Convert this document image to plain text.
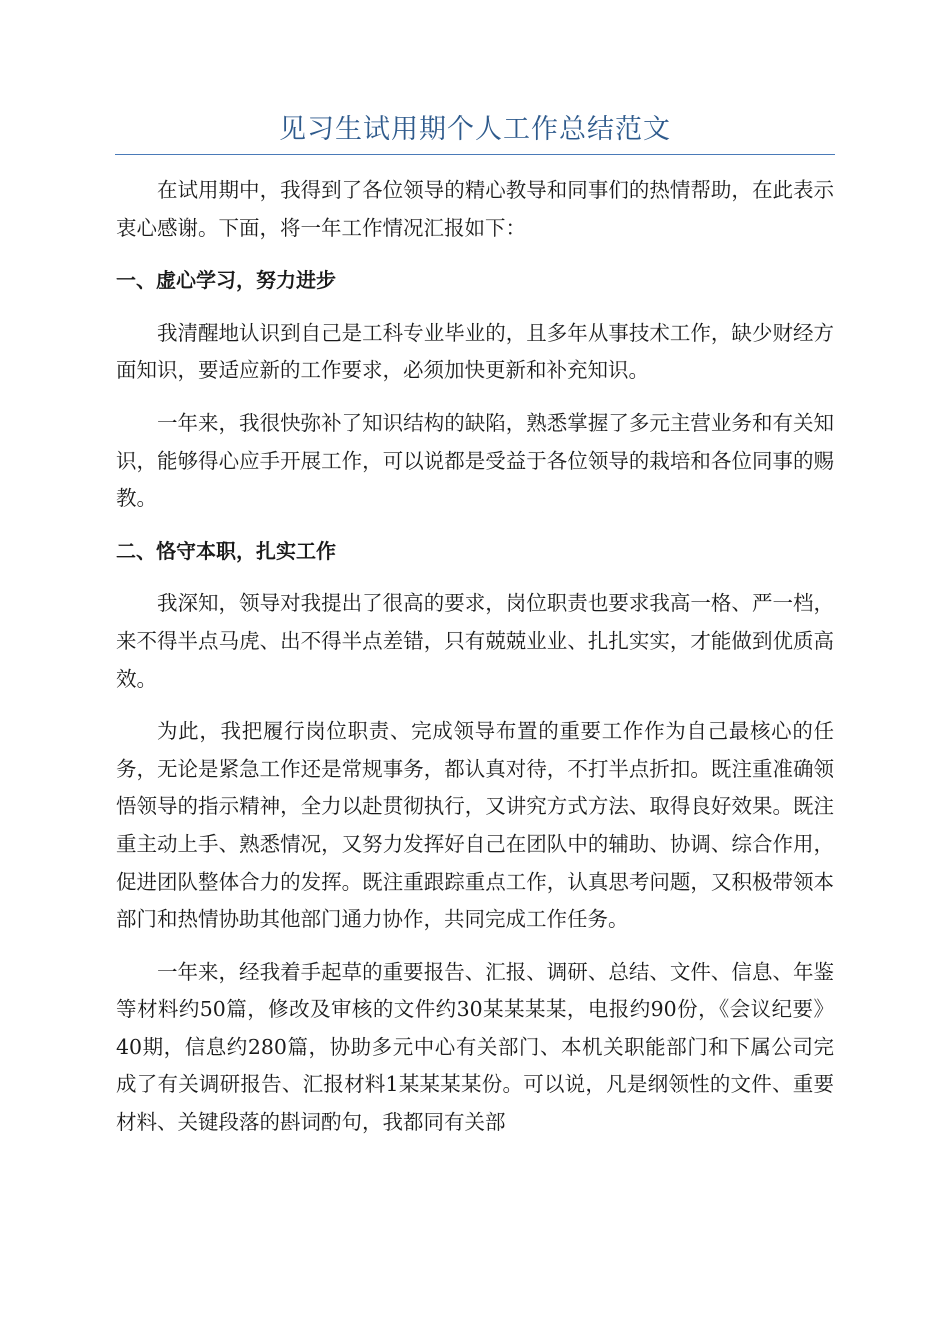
见习生试用期个人工作总结范文

在试用期中，我得到了各位领导的精心教导和同事们的热情帮助，在此表示衷心感谢。下面，将一年工作情况汇报如下：

一、虚心学习，努力进步

我清醒地认识到自己是工科专业毕业的，且多年从事技术工作，缺少财经方面知识，要适应新的工作要求，必须加快更新和补充知识。

一年来，我很快弥补了知识结构的缺陷，熟悉掌握了多元主营业务和有关知识，能够得心应手开展工作，可以说都是受益于各位领导的栽培和各位同事的赐教。

二、恪守本职，扎实工作

我深知，领导对我提出了很高的要求，岗位职责也要求我高一格、严一档，来不得半点马虎、出不得半点差错，只有兢兢业业、扎扎实实，才能做到优质高效。

为此，我把履行岗位职责、完成领导布置的重要工作作为自己最核心的任务，无论是紧急工作还是常规事务，都认真对待，不打半点折扣。既注重准确领悟领导的指示精神，全力以赴贯彻执行，又讲究方式方法、取得良好效果。既注重主动上手、熟悉情况，又努力发挥好自己在团队中的辅助、协调、综合作用，促进团队整体合力的发挥。既注重跟踪重点工作，认真思考问题，又积极带领本部门和热情协助其他部门通力协作，共同完成工作任务。

一年来，经我着手起草的重要报告、汇报、调研、总结、文件、信息、年鉴等材料约50篇，修改及审核的文件约30某某某某，电报约90份，《会议纪要》40期，信息约280篇，协助多元中心有关部门、本机关职能部门和下属公司完成了有关调研报告、汇报材料1某某某某份。可以说，凡是纲领性的文件、重要材料、关键段落的斟词酌句，我都同有关部
